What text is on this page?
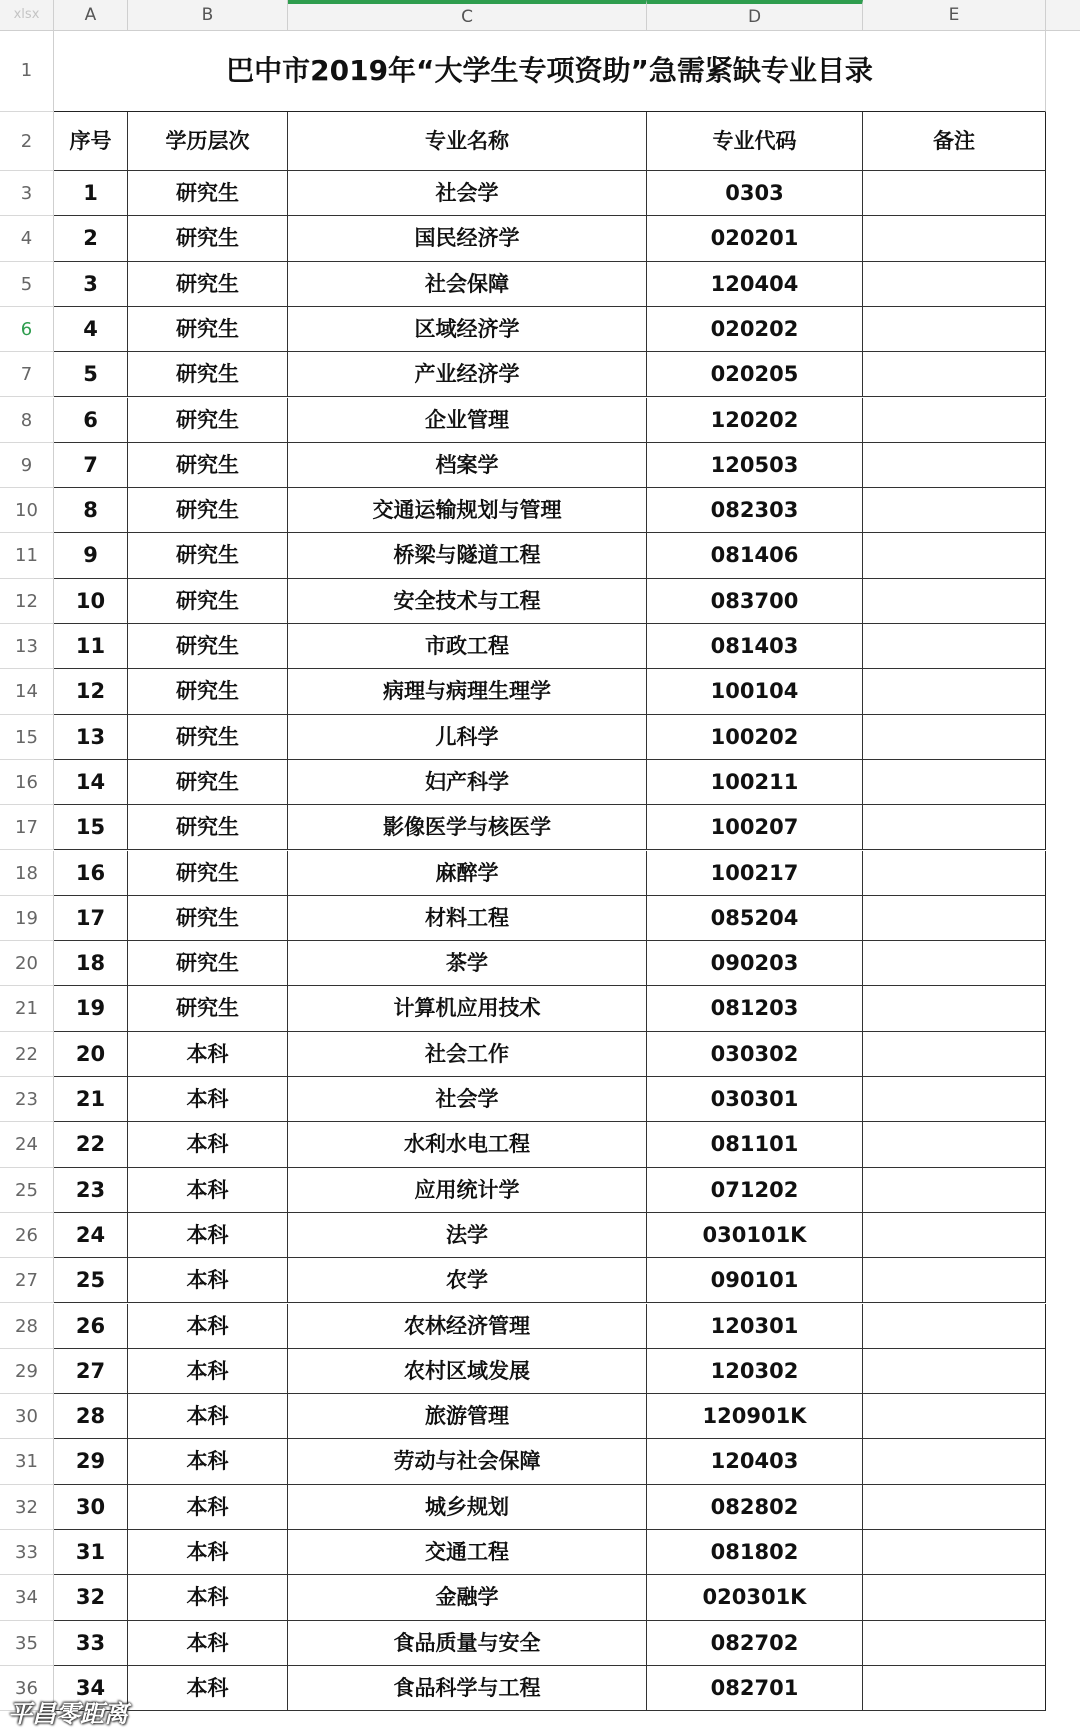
xlsx	A	B	C	D	E
巴中市2019年“大学生专项资助”急需紧缺专业目录
1
2
3
4
5
6
7
8
9
10
11
12
13
14
15
16
17
18
19
20
21
22
23
24
25
26
27
28
29
30
31
32
33
34
35
36
序号	学历层次	专业名称	专业代码	备注
1	研究生	社会学	0303
2	研究生	国民经济学	020201
3	研究生	社会保障	120404
4	研究生	区域经济学	020202
5	研究生	产业经济学	020205
6	研究生	企业管理	120202
7	研究生	档案学	120503
8	研究生	交通运输规划与管理	082303
9	研究生	桥梁与隧道工程	081406
10	研究生	安全技术与工程	083700
11	研究生	市政工程	081403
12	研究生	病理与病理生理学	100104
13	研究生	儿科学	100202
14	研究生	妇产科学	100211
15	研究生	影像医学与核医学	100207
16	研究生	麻醉学	100217
17	研究生	材料工程	085204
18	研究生	茶学	090203
19	研究生	计算机应用技术	081203
20	本科	社会工作	030302
21	本科	社会学	030301
22	本科	水利水电工程	081101
23	本科	应用统计学	071202
24	本科	法学	030101K
25	本科	农学	090101
26	本科	农林经济管理	120301
27	本科	农村区域发展	120302
28	本科	旅游管理	120901K
29	本科	劳动与社会保障	120403
30	本科	城乡规划	082802
31	本科	交通工程	081802
32	本科	金融学	020301K
33	本科	食品质量与安全	082702
34	本科	食品科学与工程	082701
平昌零距离
